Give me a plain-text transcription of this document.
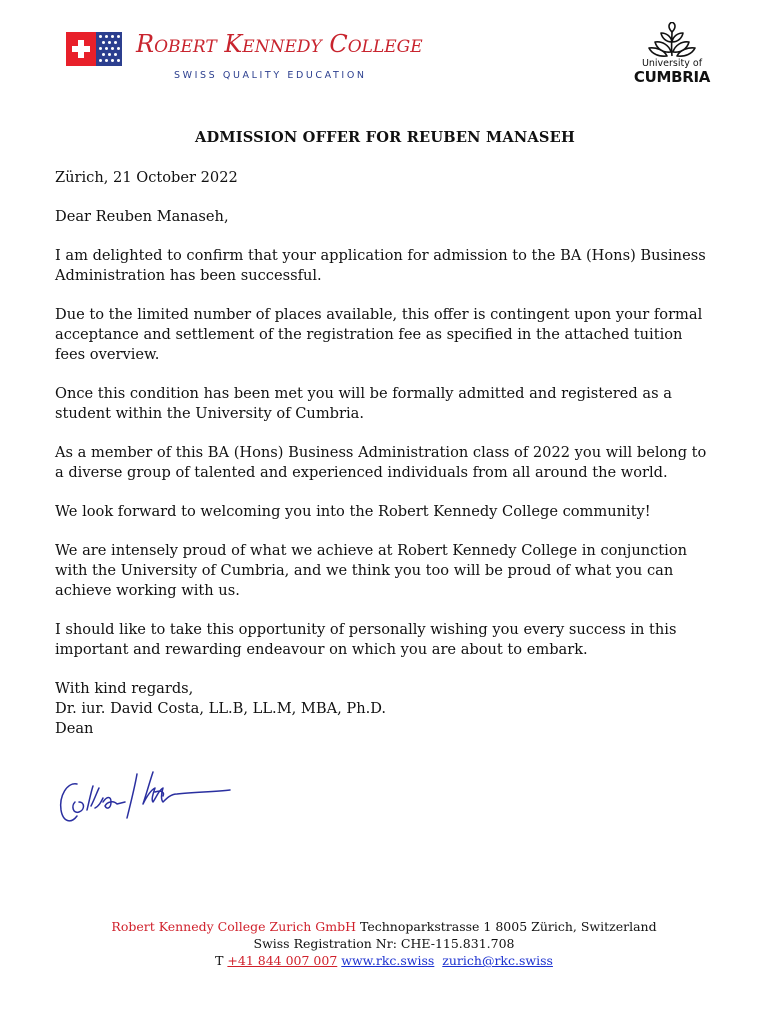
Robert Kennedy College
SWISS QUALITY EDUCATION
University of
CUMBRIA
ADMISSION OFFER FOR REUBEN MANASEH

Zürich, 21 October 2022

Dear Reuben Manaseh,

I am delighted to confirm that your application for admission to the BA (Hons) Business Administration has been successful.

Due to the limited number of places available, this offer is contingent upon your formal acceptance and settlement of the registration fee as specified in the attached tuition fees overview.

Once this condition has been met you will be formally admitted and registered as a student within the University of Cumbria.

As a member of this BA (Hons) Business Administration class of 2022 you will belong to a diverse group of talented and experienced individuals from all around the world.

We look forward to welcoming you into the Robert Kennedy College community!

We are intensely proud of what we achieve at Robert Kennedy College in conjunction with the University of Cumbria, and we think you too will be proud of what you can achieve working with us.

I should like to take this opportunity of personally wishing you every success in this important and rewarding endeavour on which you are about to embark.

With kind regards,

Dr. iur. David Costa, LL.B, LL.M, MBA, Ph.D.

Dean

Robert Kennedy College Zurich GmbH Technoparkstrasse 1 8005 Zürich, Switzerland
Swiss Registration Nr: CHE-115.831.708
T +41 844 007 007 www.rkc.swiss zurich@rkc.swiss
